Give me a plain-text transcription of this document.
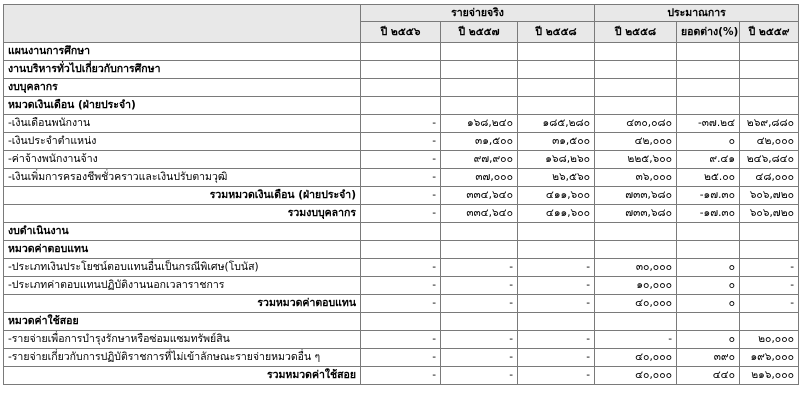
	รายจ่ายจริง			ประมาณการ		
	ปี ๒๕๕๖	ปี ๒๕๕๗	ปี ๒๕๕๘	ปี ๒๕๕๘	ยอดต่าง(%)	ปี ๒๕๕๙
แผนงานการศึกษา						
งานบริหารทั่วไปเกี่ยวกับการศึกษา						
งบบุคลากร						
หมวดเงินเดือน (ฝ่ายประจำ)						
-เงินเดือนพนักงาน	-	๑๖๘,๒๔๐	๑๘๕,๒๘๐	๔๓๐,๐๘๐	-๓๗.๒๔	๒๖๙,๘๘๐
-เงินประจำตำแหน่ง	-	๓๑,๕๐๐	๓๑,๕๐๐	๔๒,๐๐๐	๐	๔๒,๐๐๐
-ค่าจ้างพนักงานจ้าง	-	๙๗,๙๐๐	๑๖๘,๒๖๐	๒๒๕,๖๐๐	๙.๔๑	๒๔๖,๘๔๐
-เงินเพิ่มการครองชีพชั่วคราวและเงินปรับตามวุฒิ	-	๓๗,๐๐๐	๒๖,๕๖๐	๓๖,๐๐๐	๒๕.๐๐	๔๘,๐๐๐
รวมหมวดเงินเดือน (ฝ่ายประจำ)	-	๓๓๔,๖๔๐	๔๑๑,๖๐๐	๗๓๓,๖๘๐	-๑๗.๓๐	๖๐๖,๗๒๐
รวมงบบุคลากร	-	๓๓๔,๖๔๐	๔๑๑,๖๐๐	๗๓๓,๖๘๐	-๑๗.๓๐	๖๐๖,๗๒๐
งบดำเนินงาน						
หมวดค่าตอบแทน						
-ประเภทเงินประโยชน์ตอบแทนอื่นเป็นกรณีพิเศษ(โบนัส)	-	-	-	๓๐,๐๐๐	๐	-
-ประเภทค่าตอบแทนปฏิบัติงานนอกเวลาราชการ	-	-	-	๑๐,๐๐๐	๐	-
รวมหมวดค่าตอบแทน	-	-	-	๔๐,๐๐๐	๐	-
หมวดค่าใช้สอย						
-รายจ่ายเพื่อการบำรุงรักษาหรือซ่อมแซมทรัพย์สิน	-	-	-	-	๐	๒๐,๐๐๐
-รายจ่ายเกี่ยวกับการปฏิบัติราชการที่ไม่เข้าลักษณะรายจ่ายหมวดอื่น ๆ	-	-	-	๔๐,๐๐๐	๓๙๐	๑๙๖,๐๐๐
รวมหมวดค่าใช้สอย	-	-	-	๔๐,๐๐๐	๔๔๐	๒๑๖,๐๐๐
